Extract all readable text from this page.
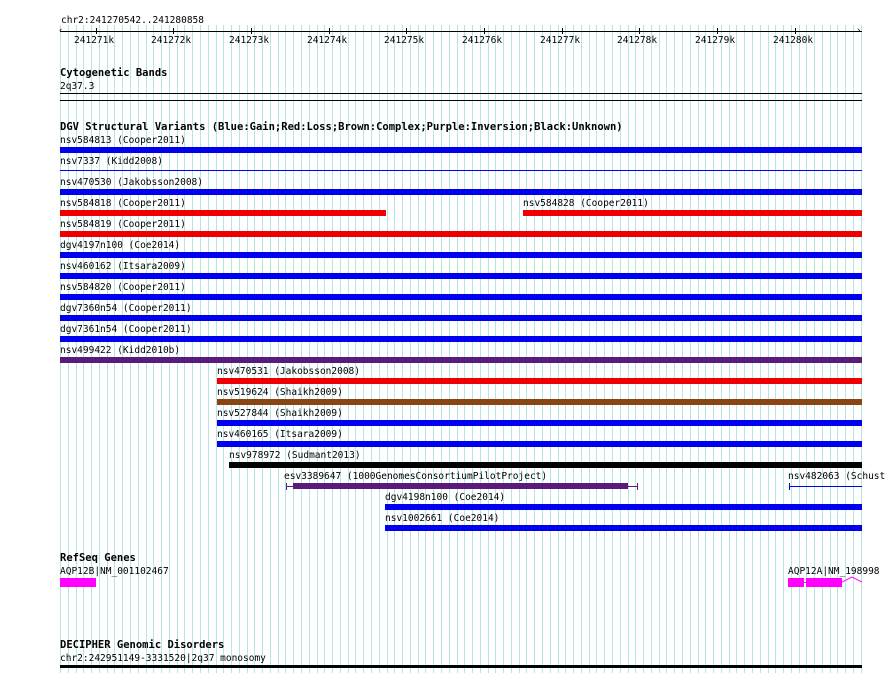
chr2:241270542..241280858
‹	›
241271k	241272k	241273k	241274k	241275k	241276k	241277k	241278k	241279k	241280k
Cytogenetic Bands
2q37.3
DGV Structural Variants (Blue:Gain;Red:Loss;Brown:Complex;Purple:Inversion;Black:Unknown)
nsv584813 (Cooper2011)
nsv7337 (Kidd2008)
nsv470530 (Jakobsson2008)
nsv584818 (Cooper2011)	nsv584828 (Cooper2011)
nsv584819 (Cooper2011)
dgv4197n100 (Coe2014)
nsv460162 (Itsara2009)
nsv584820 (Cooper2011)
dgv7360n54 (Cooper2011)
dgv7361n54 (Cooper2011)
nsv499422 (Kidd2010b)
nsv470531 (Jakobsson2008)
nsv519624 (Shaikh2009)
nsv527844 (Shaikh2009)
nsv460165 (Itsara2009)
nsv978972 (Sudmant2013)
esv3389647 (1000GenomesConsortiumPilotProject)	nsv482063 (Schust
dgv4198n100 (Coe2014)
nsv1002661 (Coe2014)
RefSeq Genes
AQP12B|NM_001102467	AQP12A|NM_198998
DECIPHER Genomic Disorders
chr2:242951149-3331520|2q37 monosomy
